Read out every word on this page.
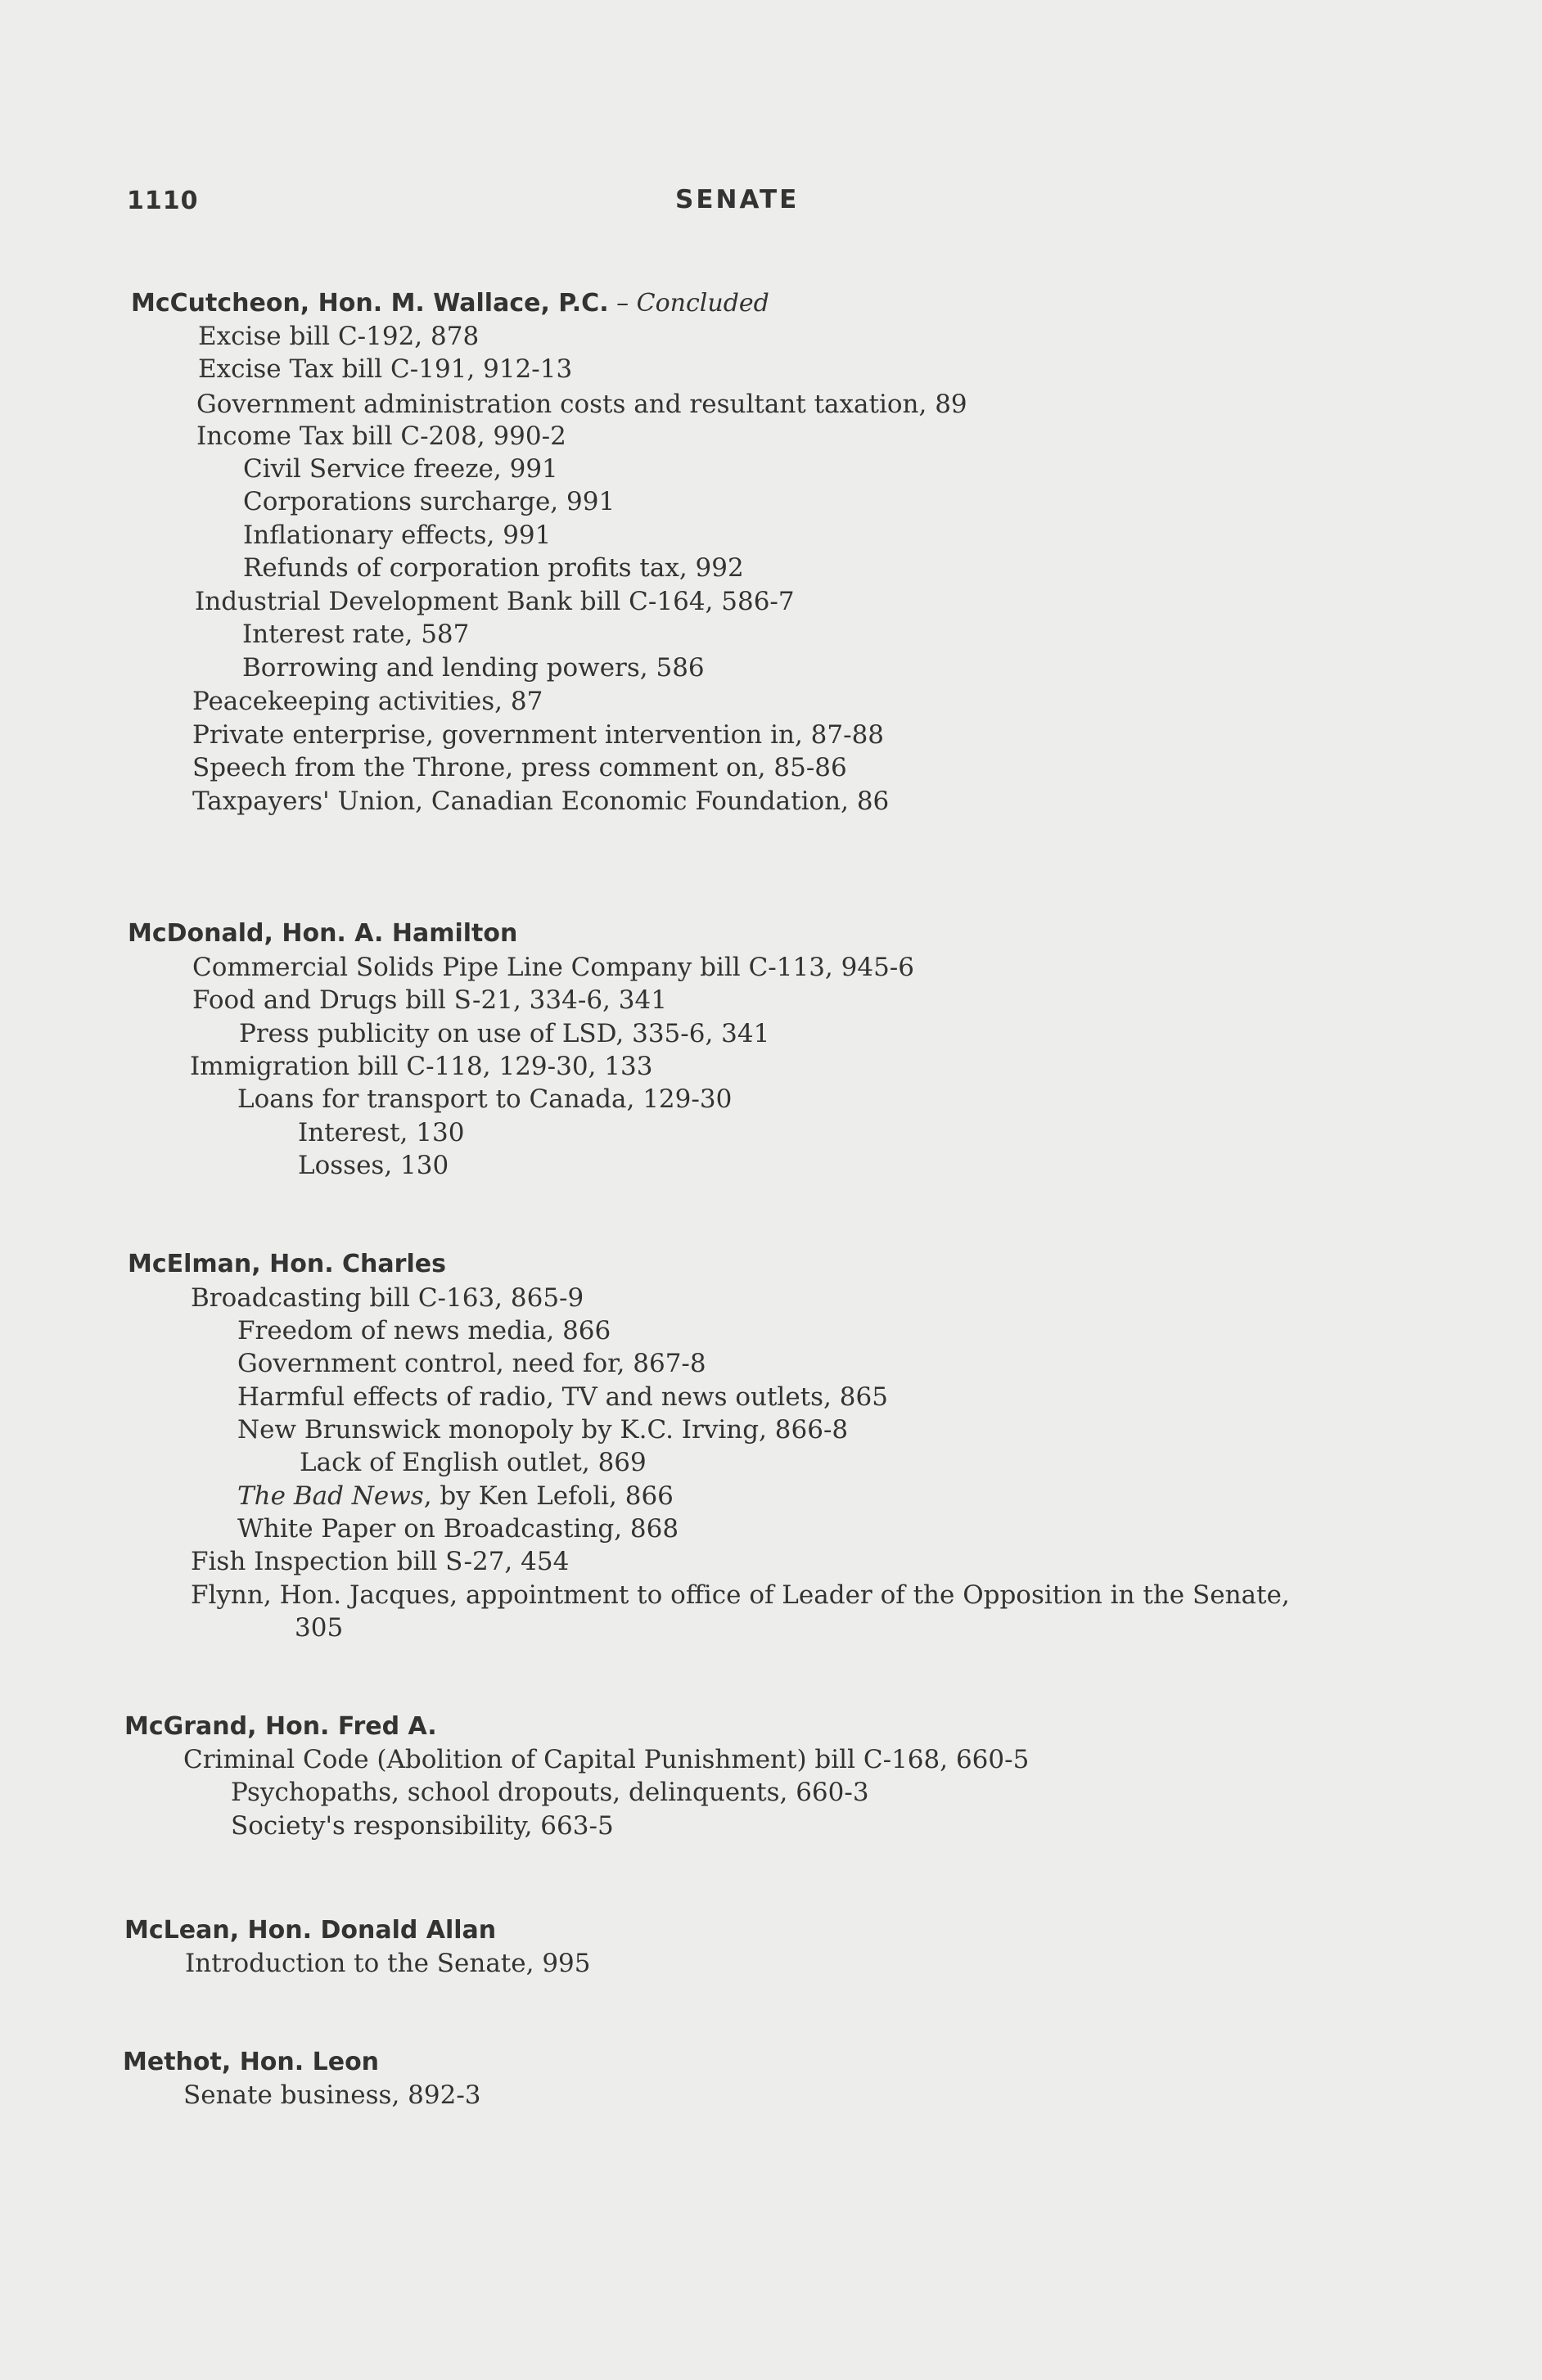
1110	SENATE
McCutcheon, Hon. M. Wallace, P.C. – Concluded
Excise bill C-192, 878
Excise Tax bill C-191, 912-13
Government administration costs and resultant taxation, 89
Income Tax bill C-208, 990-2
Civil Service freeze, 991
Corporations surcharge, 991
Inflationary effects, 991
Refunds of corporation profits tax, 992
Industrial Development Bank bill C-164, 586-7
Interest rate, 587
Borrowing and lending powers, 586
Peacekeeping activities, 87
Private enterprise, government intervention in, 87-88
Speech from the Throne, press comment on, 85-86
Taxpayers' Union, Canadian Economic Foundation, 86
McDonald, Hon. A. Hamilton
Commercial Solids Pipe Line Company bill C-113, 945-6
Food and Drugs bill S-21, 334-6, 341
Press publicity on use of LSD, 335-6, 341
Immigration bill C-118, 129-30, 133
Loans for transport to Canada, 129-30
Interest, 130
Losses, 130
McElman, Hon. Charles
Broadcasting bill C-163, 865-9
Freedom of news media, 866
Government control, need for, 867-8
Harmful effects of radio, TV and news outlets, 865
New Brunswick monopoly by K.C. Irving, 866-8
Lack of English outlet, 869
The Bad News, by Ken Lefoli, 866
White Paper on Broadcasting, 868
Fish Inspection bill S-27, 454
Flynn, Hon. Jacques, appointment to office of Leader of the Opposition in the Senate,
305
McGrand, Hon. Fred A.
Criminal Code (Abolition of Capital Punishment) bill C-168, 660-5
Psychopaths, school dropouts, delinquents, 660-3
Society's responsibility, 663-5
McLean, Hon. Donald Allan
Introduction to the Senate, 995
Methot, Hon. Leon
Senate business, 892-3
